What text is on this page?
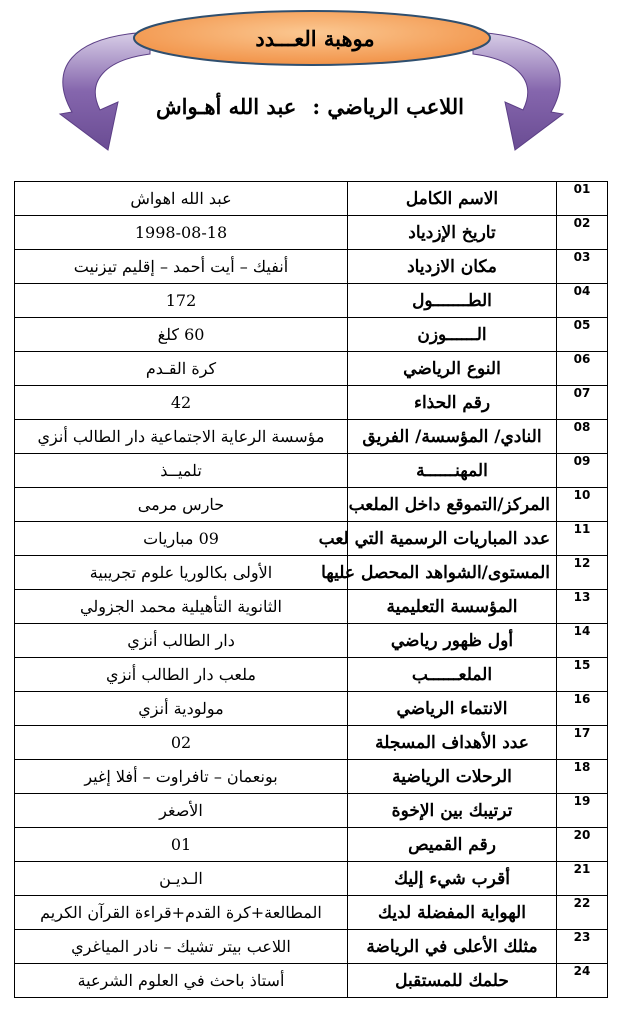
موهبة العـــدد
اللاعب الرياضي :
عبد الله أهـواش
01	الاسم الكامل	عبد الله اهواش
02	تاريخ الإزدياد	1998-08-18
03	مكان الازدياد	أنفيك – أيت أحمد – إقليم تيزنيت
04	الطـــــــول	172
05	الــــــوزن	60 كلغ
06	النوع الرياضي	كرة القـدم
07	رقم الحذاء	42
08	النادي/ المؤسسة/ الفريق	مؤسسة الرعاية الاجتماعية دار الطالب أنزي
09	المهنــــــة	تلميــذ
10	المركز/التموقع داخل الملعب	حارس مرمى
11	عدد المباريات الرسمية التي لعب	09 مباريات
12	المستوى/الشواهد المحصل عليها	الأولى بكالوريا علوم تجريبية
13	المؤسسة التعليمية	الثانوية التأهيلية محمد الجزولي
14	أول ظهور رياضي	دار الطالب أنزي
15	الملعــــــب	ملعب دار الطالب أنزي
16	الانتماء الرياضي	مولودية أنزي
17	عدد الأهداف المسجلة	02
18	الرحلات الرياضية	بونعمان – تافراوت – أفلا إغير
19	ترتيبك بين الإخوة	الأصغر
20	رقم القميص	01
21	أقرب شيء إليك	الـديـن
22	الهواية المفضلة لديك	المطالعة+كرة القدم+قراءة القرآن الكريم
23	مثلك الأعلى في الرياضة	اللاعب بيتر تشيك – نادر المياغري
24	حلمك للمستقبل	أستاذ باحث في العلوم الشرعية
